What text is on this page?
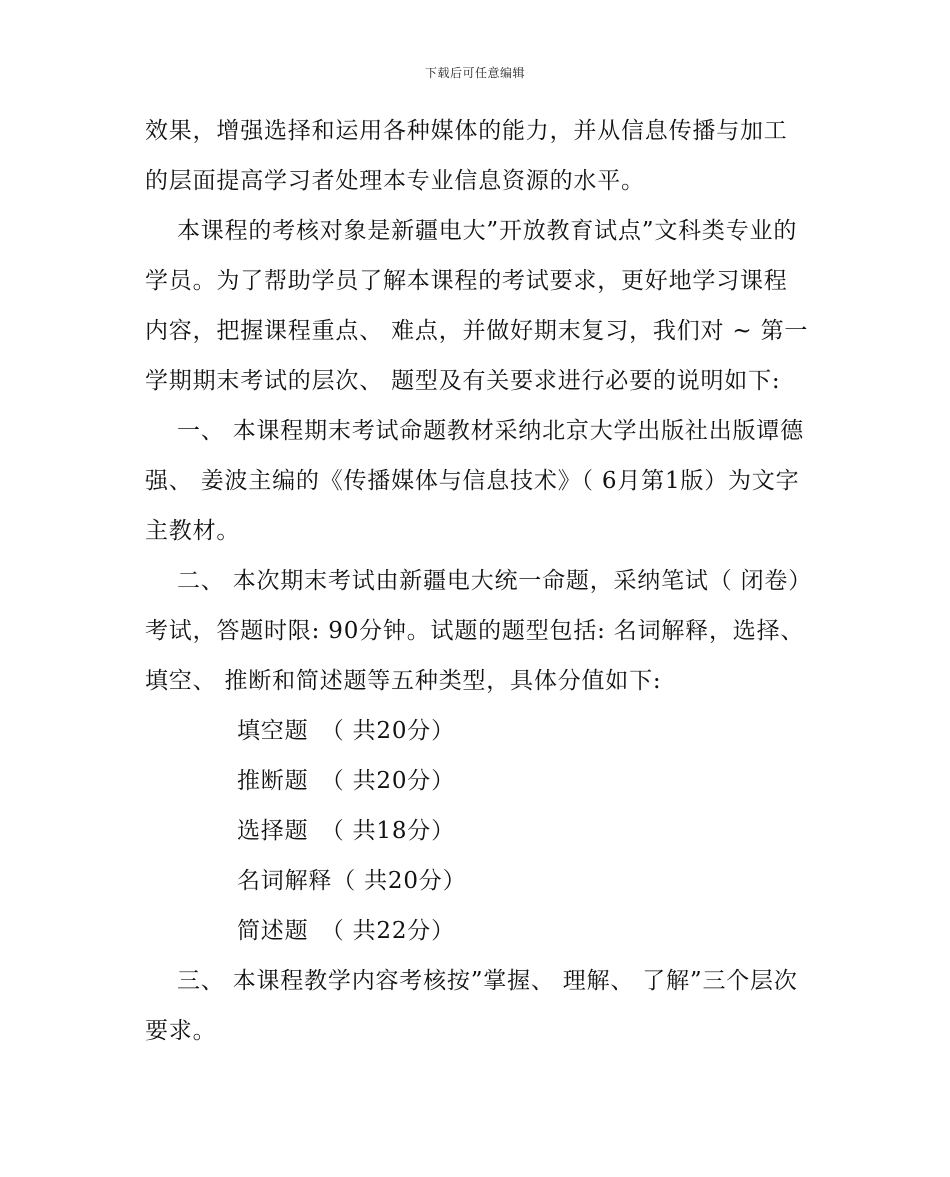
下载后可任意编辑

效果，增强选择和运用各种媒体的能力，并从信息传播与加工的层面提高学习者处理本专业信息资源的水平。

本课程的考核对象是新疆电大”开放教育试点”文科类专业的学员。为了帮助学员了解本课程的考试要求，更好地学习课程内容，把握课程重点、 难点，并做好期末复习，我们对 ~ 第一学期期末考试的层次、 题型及有关要求进行必要的说明如下:

一、 本课程期末考试命题教材采纳北京大学出版社出版谭德强、 姜波主编的《传播媒体与信息技术》（ 6月第1版）为文字主教材。

二、 本次期末考试由新疆电大统一命题，采纳笔试（ 闭卷）考试，答题时限: 90分钟。试题的题型包括: 名词解释，选择、填空、 推断和简述题等五种类型，具体分值如下:

填空题　（ 共20分）
推断题　（ 共20分）
选择题　（ 共18分）
名词解释（ 共20分）
简述题　（ 共22分）

三、 本课程教学内容考核按”掌握、 理解、 了解”三个层次要求。
